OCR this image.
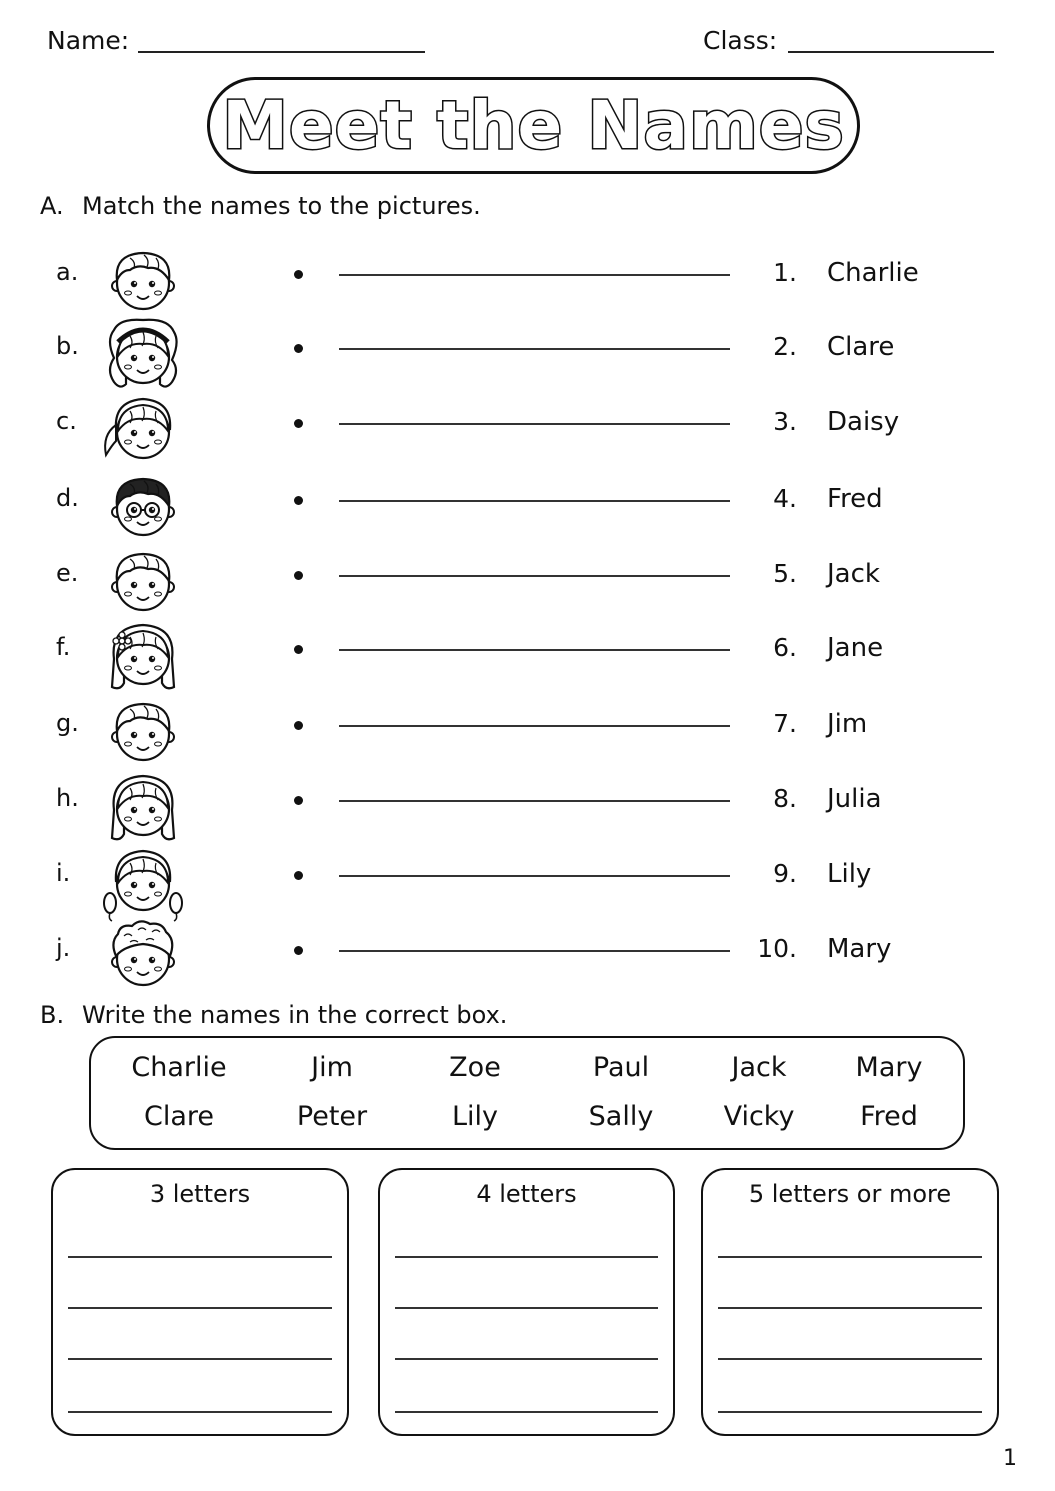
Name:	Class:
Meet the Names
A. Match the names to the pictures.
a.	1. Charlie
b.	2. Clare
c.	3. Daisy
d.	4. Fred
e.	5. Jack
f.	6. Jane
g.	7. Jim
h.	8. Julia
i.	9. Lily
j.	10. Mary
B. Write the names in the correct box.
Charlie	Jim	Zoe	Paul	Jack	Mary
Clare	Peter	Lily	Sally	Vicky Fred
3 letters	4 letters	5 letters or more
1
